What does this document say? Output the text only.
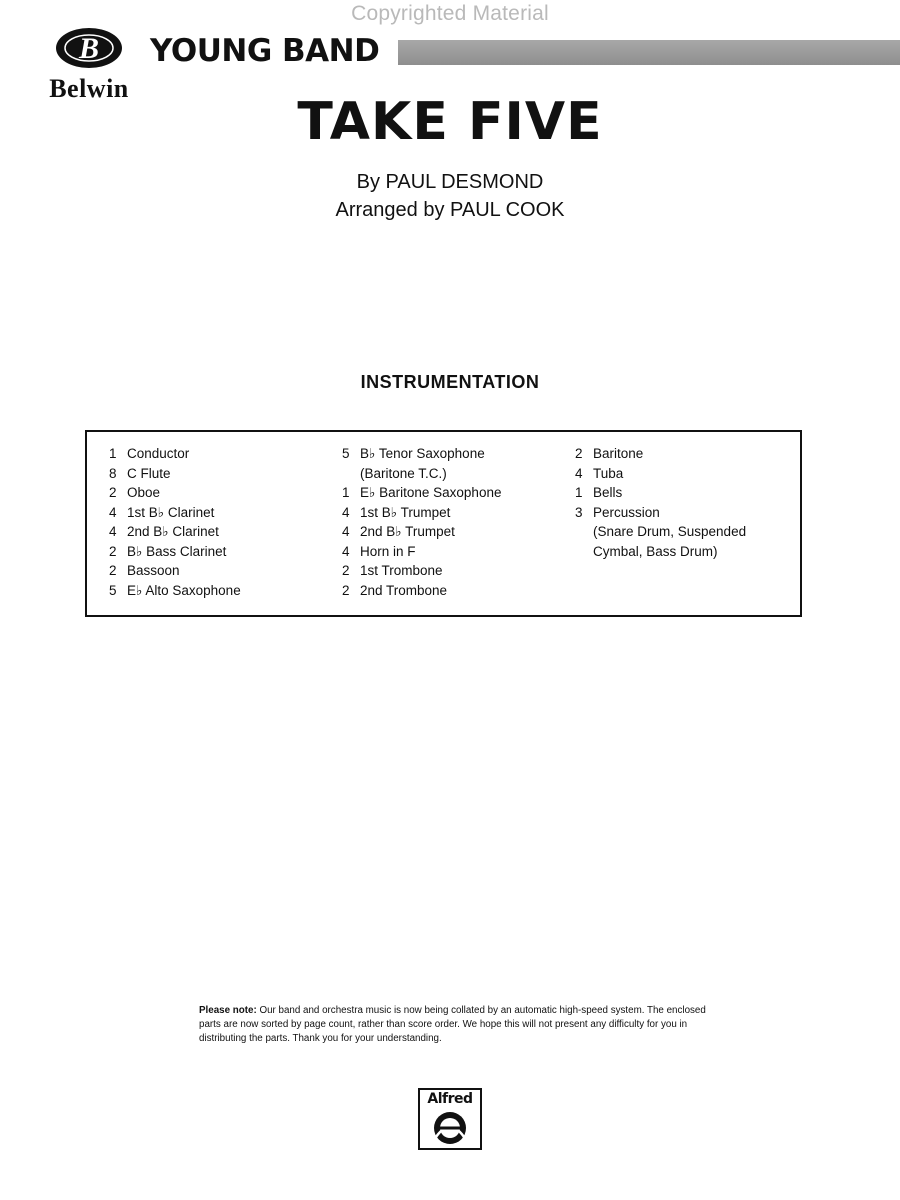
Copyrighted Material
B
Belwin
YOUNG BAND
TAKE FIVE
By PAUL DESMOND
Arranged by PAUL COOK
INSTRUMENTATION
1 Conductor
8 C Flute
2 Oboe
4 1st B♭ Clarinet
4 2nd B♭ Clarinet
2 B♭ Bass Clarinet
2 Bassoon
5 E♭ Alto Saxophone
5 B♭ Tenor Saxophone
(Baritone T.C.)
1 E♭ Baritone Saxophone
4 1st B♭ Trumpet
4 2nd B♭ Trumpet
4 Horn in F
2 1st Trombone
2 2nd Trombone
2 Baritone
4 Tuba
1 Bells
3 Percussion
(Snare Drum, Suspended
Cymbal, Bass Drum)
Please note: Our band and orchestra music is now being collated by an automatic high-speed system. The enclosed parts are now sorted by page count, rather than score order. We hope this will not present any difficulty for you in distributing the parts. Thank you for your understanding.
Alfred
